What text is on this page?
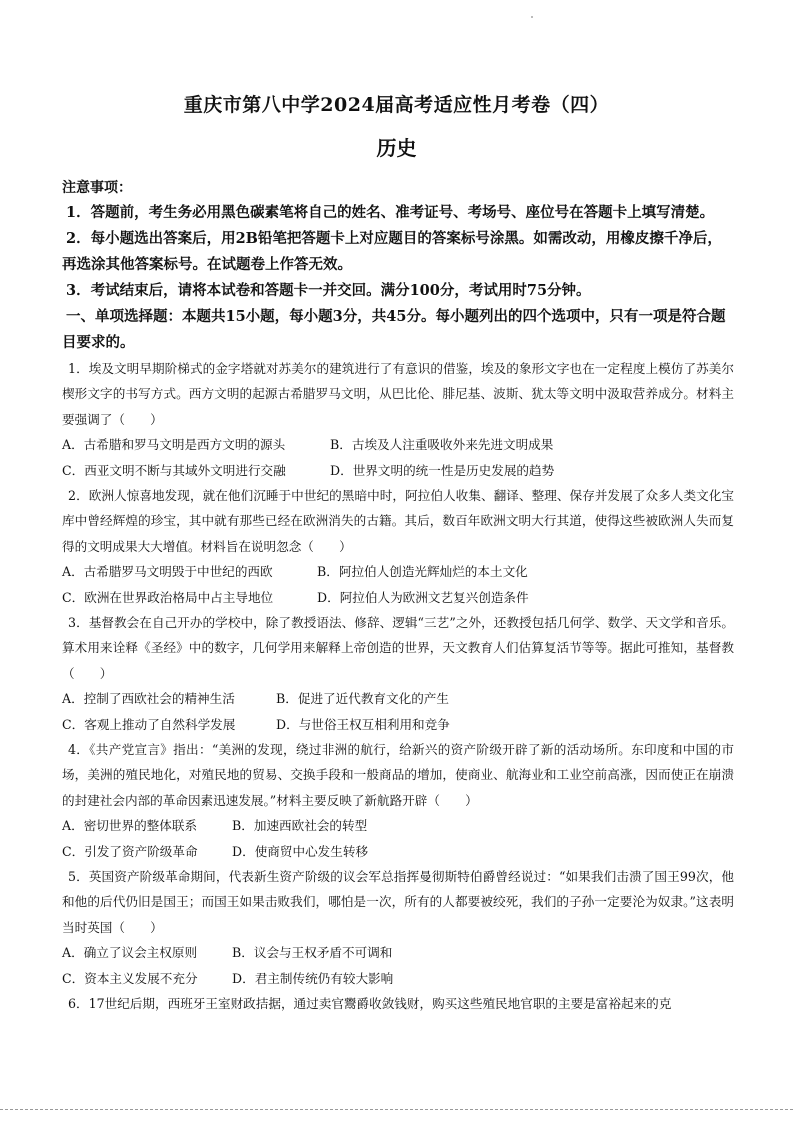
重庆市第八中学2024届高考适应性月考卷（四）
历史
注意事项：

1．答题前，考生务必用黑色碳素笔将自己的姓名、准考证号、考场号、座位号在答题卡上填写清楚。

2．每小题选出答案后，用2B铅笔把答题卡上对应题目的答案标号涂黑。如需改动，用橡皮擦千净后，再选涂其他答案标号。在试题卷上作答无效。

3．考试结束后，请将本试卷和答题卡一并交回。满分100分，考试用时75分钟。

一、单项选择题：本题共15小题，每小题3分，共45分。每小题列出的四个选项中，只有一项是符合题目要求的。

1．埃及文明早期阶梯式的金字塔就对苏美尔的建筑进行了有意识的借鉴，埃及的象形文字也在一定程度上模仿了苏美尔楔形文字的书写方式。西方文明的起源古希腊罗马文明，从巴比伦、腓尼基、波斯、犹太等文明中汲取营养成分。材料主要强调了（　　）

A．古希腊和罗马文明是西方文明的源头	B．古埃及人注重吸收外来先进文明成果
C．西亚文明不断与其域外文明进行交融	D．世界文明的统一性是历史发展的趋势

2．欧洲人惊喜地发现，就在他们沉睡于中世纪的黑暗中时，阿拉伯人收集、翻译、整理、保存并发展了众多人类文化宝库中曾经辉煌的珍宝，其中就有那些已经在欧洲消失的古籍。其后，数百年欧洲文明大行其道，使得这些被欧洲人失而复得的文明成果大大增值。材料旨在说明忽念（　　）

A．古希腊罗马文明毁于中世纪的西欧	B．阿拉伯人创造光辉灿烂的本土文化
C．欧洲在世界政治格局中占主导地位	D．阿拉伯人为欧洲文艺复兴创造条件

3．基督教会在自己开办的学校中，除了教授语法、修辞、逻辑“三艺”之外，还教授包括几何学、数学、天文学和音乐。算术用来诠释《圣经》中的数字，几何学用来解释上帝创造的世界，天文教育人们估算复活节等等。据此可推知，基督教（　　）

A．控制了西欧社会的精神生活	B．促进了近代教育文化的产生
C．客观上推动了自然科学发展	D．与世俗王权互相利用和竞争

4．《共产党宣言》指出：“美洲的发现，绕过非洲的航行，给新兴的资产阶级开辟了新的活动场所。东印度和中国的市场，美洲的殖民地化，对殖民地的贸易、交换手段和一般商品的增加，使商业、航海业和工业空前高涨，因而使正在崩溃的封建社会内部的革命因素迅速发展。”材料主要反映了新航路开辟（　　）

A．密切世界的整体联系	B．加速西欧社会的转型
C．引发了资产阶级革命	D．使商贸中心发生转移

5．英国资产阶级革命期间，代表新生资产阶级的议会军总指挥曼彻斯特伯爵曾经说过：“如果我们击溃了国王99次，他和他的后代仍旧是国王；而国王如果击败我们，哪怕是一次，所有的人都要被绞死，我们的子孙一定要沦为奴隶。”这表明当时英国（　　）

A．确立了议会主权原则	B．议会与王权矛盾不可调和
C．资本主义发展不充分	D．君主制传统仍有较大影响

6．17世纪后期，西班牙王室财政拮据，通过卖官鬻爵收敛钱财，购买这些殖民地官职的主要是富裕起来的克
